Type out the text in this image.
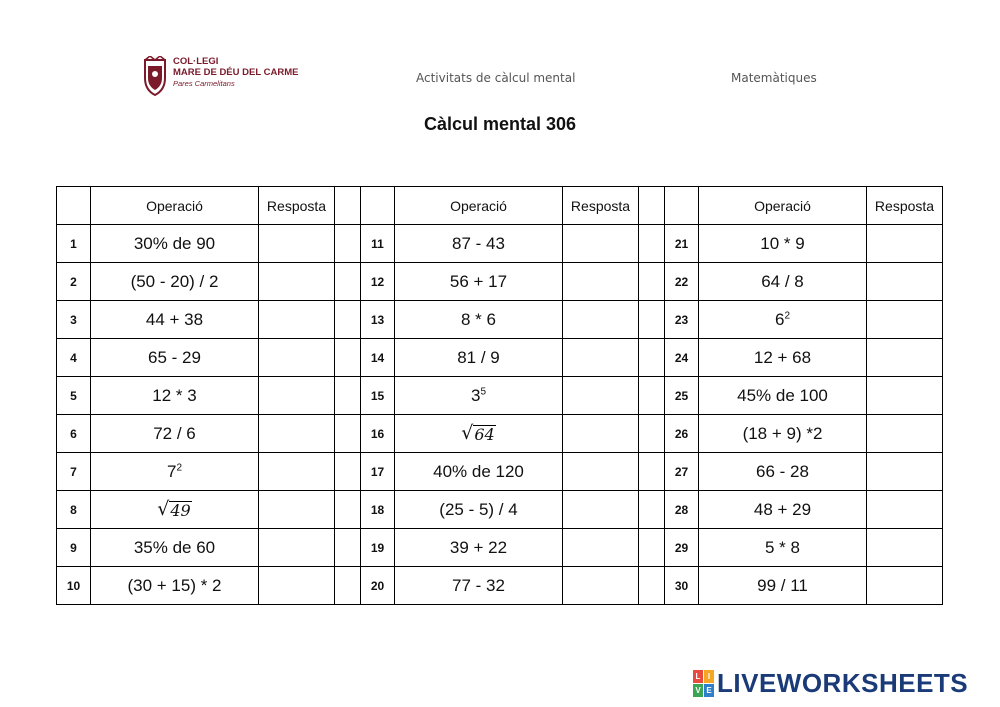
COL·LEGI
MARE DE DÉU DEL CARME
Pares Carmelitans	Activitats de càlcul mental	Matemàtiques
Càlcul mental 306
	Operació	Resposta			Operació	Resposta			Operació	Resposta
1	30% de 90			11	87 - 43			21	10 * 9	
2	(50 - 20) / 2			12	56 + 17			22	64 / 8	
3	44 + 38			13	8 * 6			23	$6^2$	
4	65 - 29			14	81 / 9			24	12 + 68	
5	12 * 3			15	$3^5$			25	45% de 100	
6	72 / 6			16	√ 64			26	(18 + 9) *2	
7	$7^2$			17	40% de 120			27	66 - 28	
8	√ 49			18	(25 - 5) / 4			28	48 + 29	
9	35% de 60			19	39 + 22			29	5 * 8	
10	(30 + 15) * 2			20	77 - 32			30	99 / 11	
L I
V E LIVEWORKSHEETS
